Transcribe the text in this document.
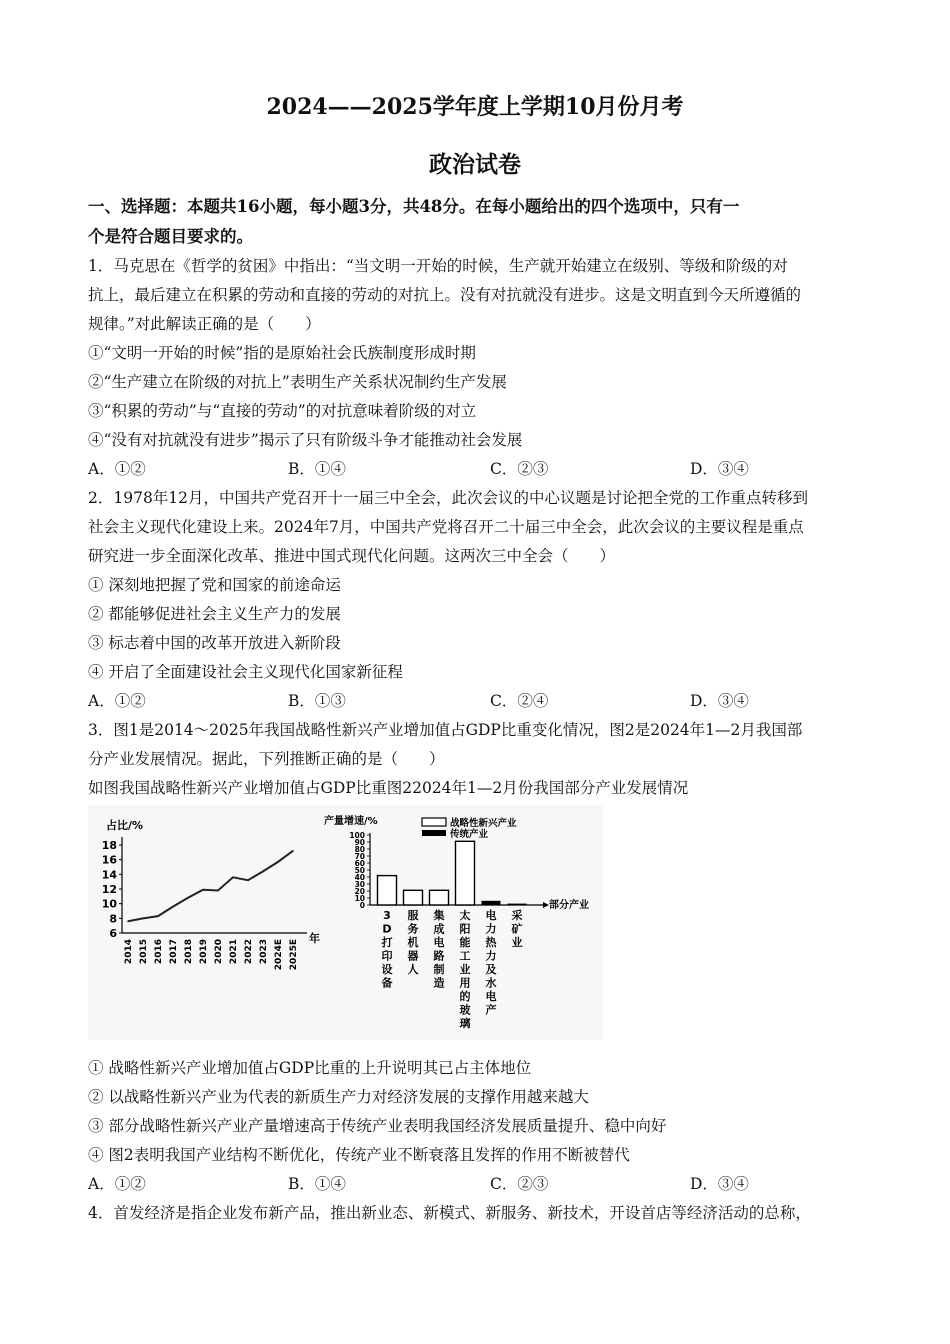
2024——2025学年度上学期10月份月考
政治试卷
一、选择题：本题共16小题，每小题3分，共48分。在每小题给出的四个选项中，只有一
个是符合题目要求的。
1．马克思在《哲学的贫困》中指出：“当文明一开始的时候，生产就开始建立在级别、等级和阶级的对
抗上，最后建立在积累的劳动和直接的劳动的对抗上。没有对抗就没有进步。这是文明直到今天所遵循的
规律。”对此解读正确的是（　　）
①“文明一开始的时候”指的是原始社会氏族制度形成时期
②“生产建立在阶级的对抗上”表明生产关系状况制约生产发展
③“积累的劳动”与“直接的劳动”的对抗意味着阶级的对立
④“没有对抗就没有进步”揭示了只有阶级斗争才能推动社会发展
A．①②	B．①④	C．②③	D．③④
2．1978年12月，中国共产党召开十一届三中全会，此次会议的中心议题是讨论把全党的工作重点转移到
社会主义现代化建设上来。2024年7月，中国共产党将召开二十届三中全会，此次会议的主要议程是重点
研究进一步全面深化改革、推进中国式现代化问题。这两次三中全会（　　）
① 深刻地把握了党和国家的前途命运
② 都能够促进社会主义生产力的发展
③ 标志着中国的改革开放进入新阶段
④ 开启了全面建设社会主义现代化国家新征程
A．①②	B．①③	C．②④	D．③④
3．图1是2014～2025年我国战略性新兴产业增加值占GDP比重变化情况，图2是2024年1—2月我国部
分产业发展情况。据此，下列推断正确的是（　　）
如图我国战略性新兴产业增加值占GDP比重图22024年1—2月份我国部分产业发展情况
占比/%
年
6
8
10
12
14
16
18
2014 2015 2016 2017 2018 2019 2020 2021 2022 2023 2024E 2025E
产量增速/%
部分产业
战略性新兴产业
传统产业
0
10
20
30
40
50
60
70
80
90
100
3
D
打
印
设
备
服
务
机
器
人
集
成
电
路
制
造
太
阳
能
工
业
用
的
玻
璃
电
力
热
力
及
水
电
产
采
矿
业
① 战略性新兴产业增加值占GDP比重的上升说明其已占主体地位
② 以战略性新兴产业为代表的新质生产力对经济发展的支撑作用越来越大
③ 部分战略性新兴产业产量增速高于传统产业表明我国经济发展质量提升、稳中向好
④ 图2表明我国产业结构不断优化，传统产业不断衰落且发挥的作用不断被替代
A．①②	B．①④	C．②③	D．③④
4．首发经济是指企业发布新产品，推出新业态、新模式、新服务、新技术，开设首店等经济活动的总称，
